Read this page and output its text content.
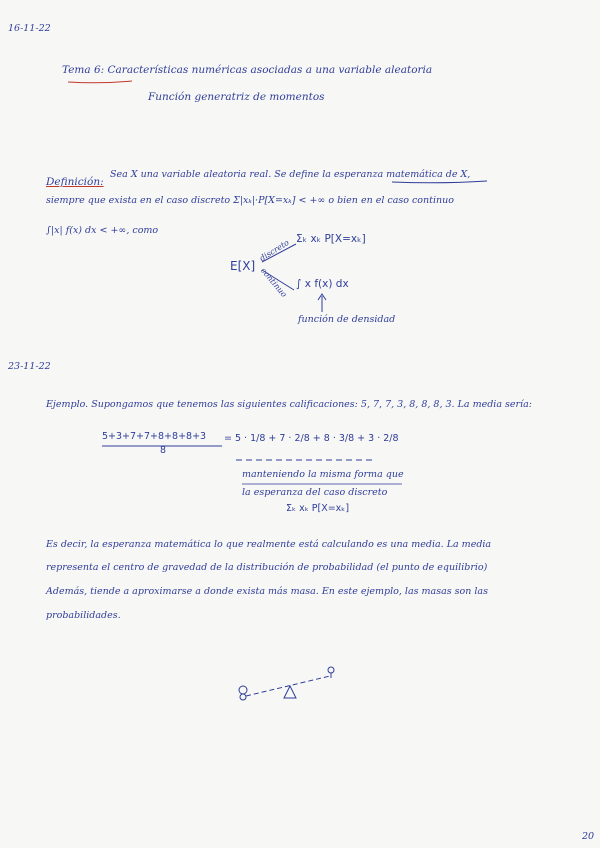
16-11-22
Tema 6: Características numéricas asociadas a una variable aleatoria
Función generatriz de momentos
Definición:
Sea X una variable aleatoria real. Se define la esperanza matemática de X,
siempre que exista en el caso discreto Σ|xₖ|·P[X=xₖ] < +∞ o bien en el caso continuo
∫|x| f(x) dx < +∞, como
E[X]
discreto
continuo
Σₖ xₖ P[X=xₖ]
∫ x f(x) dx
función de densidad
23-11-22
Ejemplo. Supongamos que tenemos las siguientes calificaciones: 5, 7, 7, 3, 8, 8, 8, 3. La media sería:
5+3+7+7+8+8+8+3
8
= 5 · 1/8 + 7 · 2/8 + 8 · 3/8 + 3 · 2/8
manteniendo la misma forma que
la esperanza del caso discreto
Σₖ xₖ P[X=xₖ]
Es decir, la esperanza matemática lo que realmente está calculando es una media. La media
representa el centro de gravedad de la distribución de probabilidad (el punto de equilibrio)
Además, tiende a aproximarse a donde exista más masa. En este ejemplo, las masas son las
probabilidades.
20
